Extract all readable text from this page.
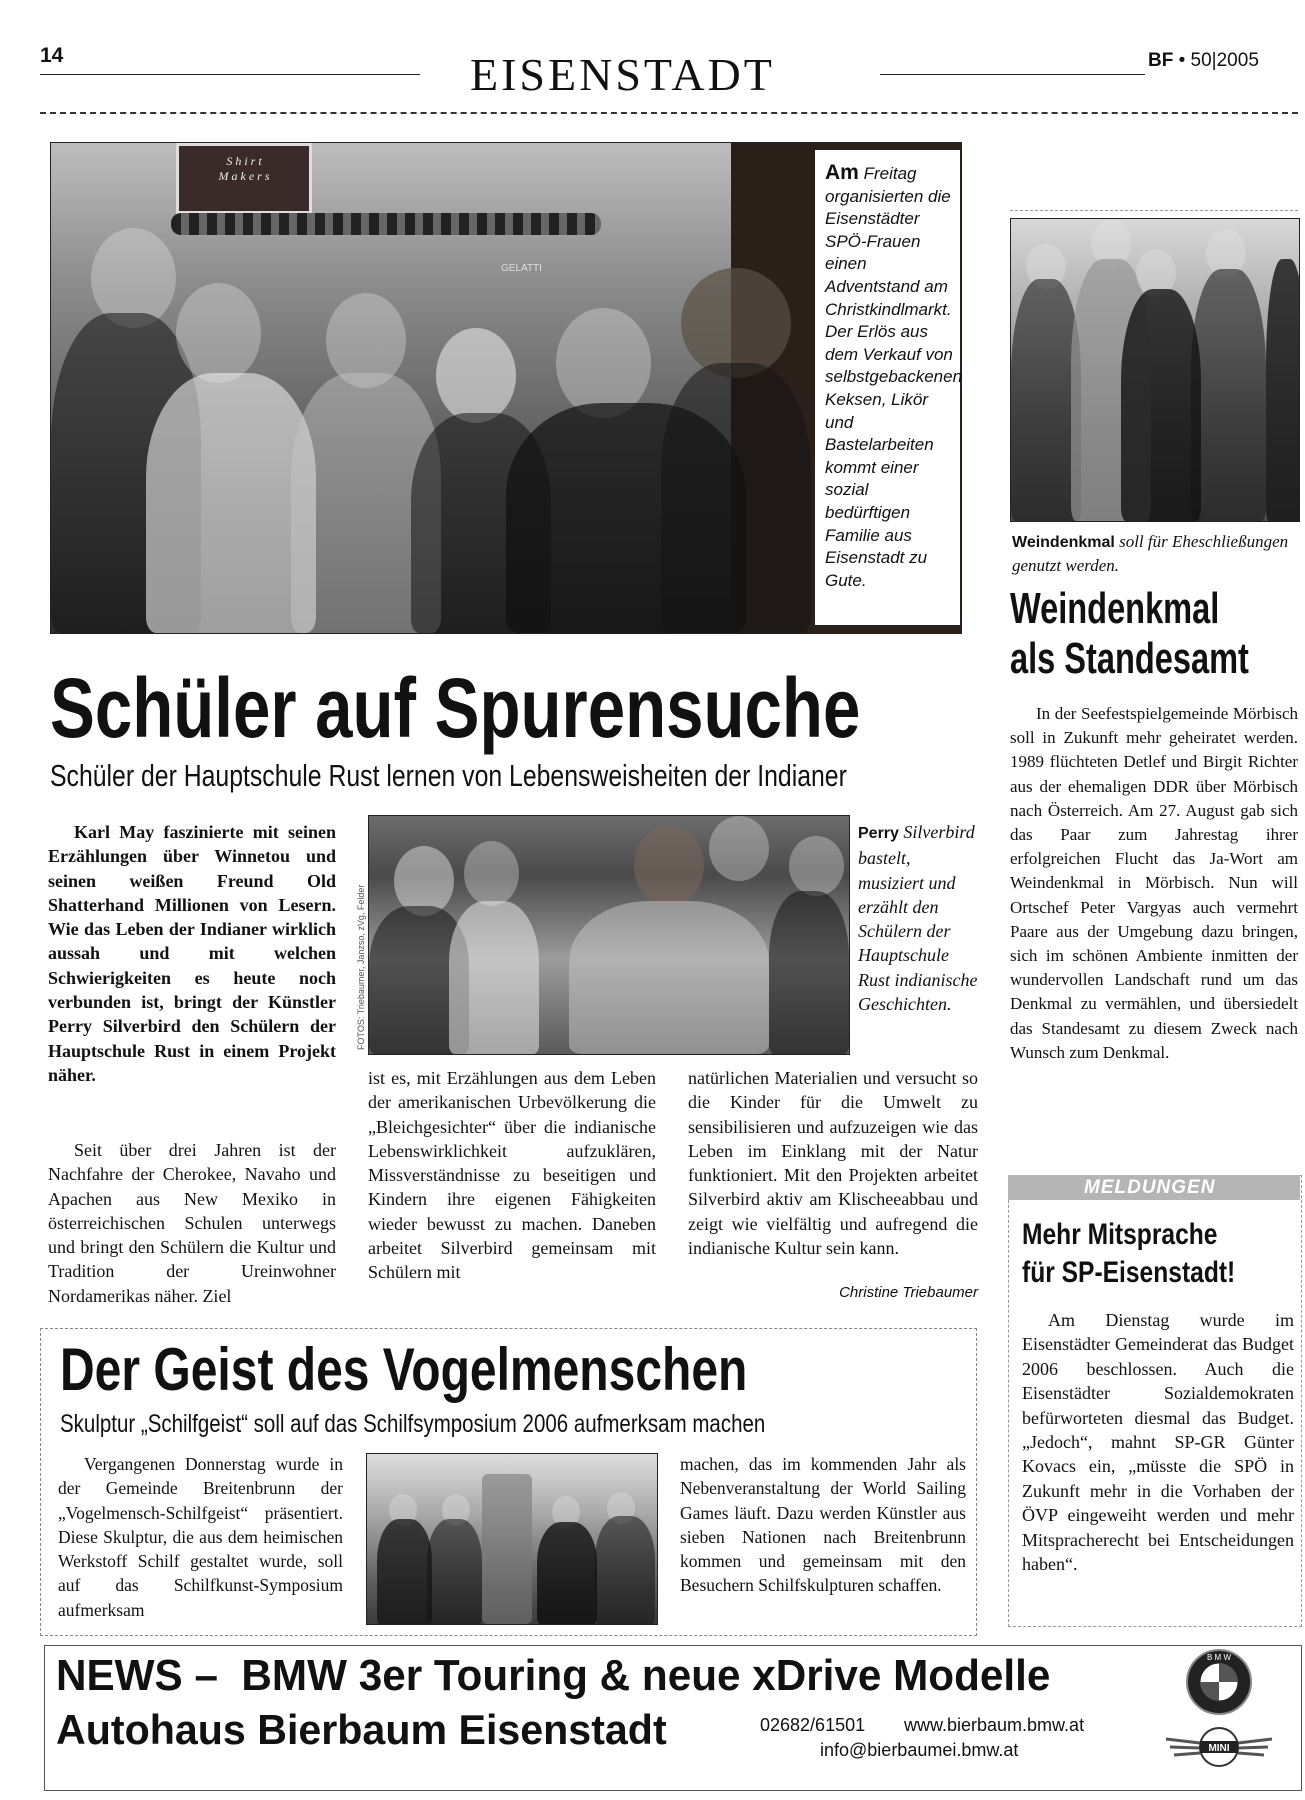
14	EISENSTADT	BF • 50|2005
S h i r t
M a k e r s
GELATTI
Am Freitag organisierten die Eisenstädter SPÖ-Frauen einen Adventstand am Christkindlmarkt. Der Erlös aus dem Verkauf von selbstgebackenen Keksen, Likör und Bastelarbeiten kommt einer sozial bedürftigen Familie aus Eisenstadt zu Gute.
Weindenkmal soll für Eheschließungen genutzt werden.
Weindenkmal
als Standesamt
In der Seefestspielgemeinde Mörbisch soll in Zukunft mehr geheiratet werden. 1989 flüchteten Detlef und Birgit Richter aus der ehemaligen DDR über Mörbisch nach Österreich. Am 27. August gab sich das Paar zum Jahrestag ihrer erfolgreichen Flucht das Ja-Wort am Weindenkmal in Mörbisch. Nun will Ortschef Peter Vargyas auch vermehrt Paare aus der Umgebung dazu bringen, sich im schönen Ambiente inmitten der wundervollen Landschaft rund um das Denkmal zu vermählen, und übersiedelt das Standesamt zu diesem Zweck nach Wunsch zum Denkmal.
Schüler auf Spurensuche
Schüler der Hauptschule Rust lernen von Lebensweisheiten der Indianer
Karl May faszinierte mit seinen Erzählungen über Winnetou und seinen weißen Freund Old Shatterhand Millionen von Lesern. Wie das Leben der Indianer wirklich aussah und mit welchen Schwierigkeiten es heute noch verbunden ist, bringt der Künstler Perry Silverbird den Schülern der Hauptschule Rust in einem Projekt näher.
Seit über drei Jahren ist der Nachfahre der Cherokee, Navaho und Apachen aus New Mexiko in österreichischen Schulen unterwegs und bringt den Schülern die Kultur und Tradition der Ureinwohner Nordamerikas näher. Ziel
FOTOS: Triebaumer, Janzso, zVg, Felder
Perry Silverbird bastelt, musiziert und erzählt den Schülern der Hauptschule Rust indianische Geschichten.
ist es, mit Erzählungen aus dem Leben der amerikanischen Urbevölkerung die „Bleichgesichter“ über die indianische Lebenswirklichkeit aufzuklären, Missverständnisse zu beseitigen und Kindern ihre eigenen Fähigkeiten wieder bewusst zu machen. Daneben arbeitet Silverbird gemeinsam mit Schülern mit
natürlichen Materialien und versucht so die Kinder für die Umwelt zu sensibilisieren und aufzuzeigen wie das Leben im Einklang mit der Natur funktioniert. Mit den Projekten arbeitet Silverbird aktiv am Klischeeabbau und zeigt wie vielfältig und aufregend die indianische Kultur sein kann.
Christine Triebaumer
MELDUNGEN
Mehr Mitsprache
für SP-Eisenstadt!
Am Dienstag wurde im Eisenstädter Gemeinderat das Budget 2006 beschlossen. Auch die Eisenstädter Sozialdemokraten befürworteten diesmal das Budget. „Jedoch“, mahnt SP-GR Günter Kovacs ein, „müsste die SPÖ in Zukunft mehr in die Vorhaben der ÖVP eingeweiht werden und mehr Mitspracherecht bei Entscheidungen haben“.
Der Geist des Vogelmenschen
Skulptur „Schilfgeist“ soll auf das Schilfsymposium 2006 aufmerksam machen
Vergangenen Donnerstag wurde in der Gemeinde Breitenbrunn der „Vogelmensch-Schilfgeist“ präsentiert. Diese Skulptur, die aus dem heimischen Werkstoff Schilf gestaltet wurde, soll auf das Schilfkunst-Symposium aufmerksam
machen, das im kommenden Jahr als Nebenveranstaltung der World Sailing Games läuft. Dazu werden Künstler aus sieben Nationen nach Breitenbrunn kommen und gemeinsam mit den Besuchern Schilfskulpturen schaffen.
NEWS –  BMW 3er Touring & neue xDrive Modelle
Autohaus Bierbaum Eisenstadt	02682/61501 www.bierbaum.bmw.at
info@bierbaumei.bmw.at
B M W
MINI
